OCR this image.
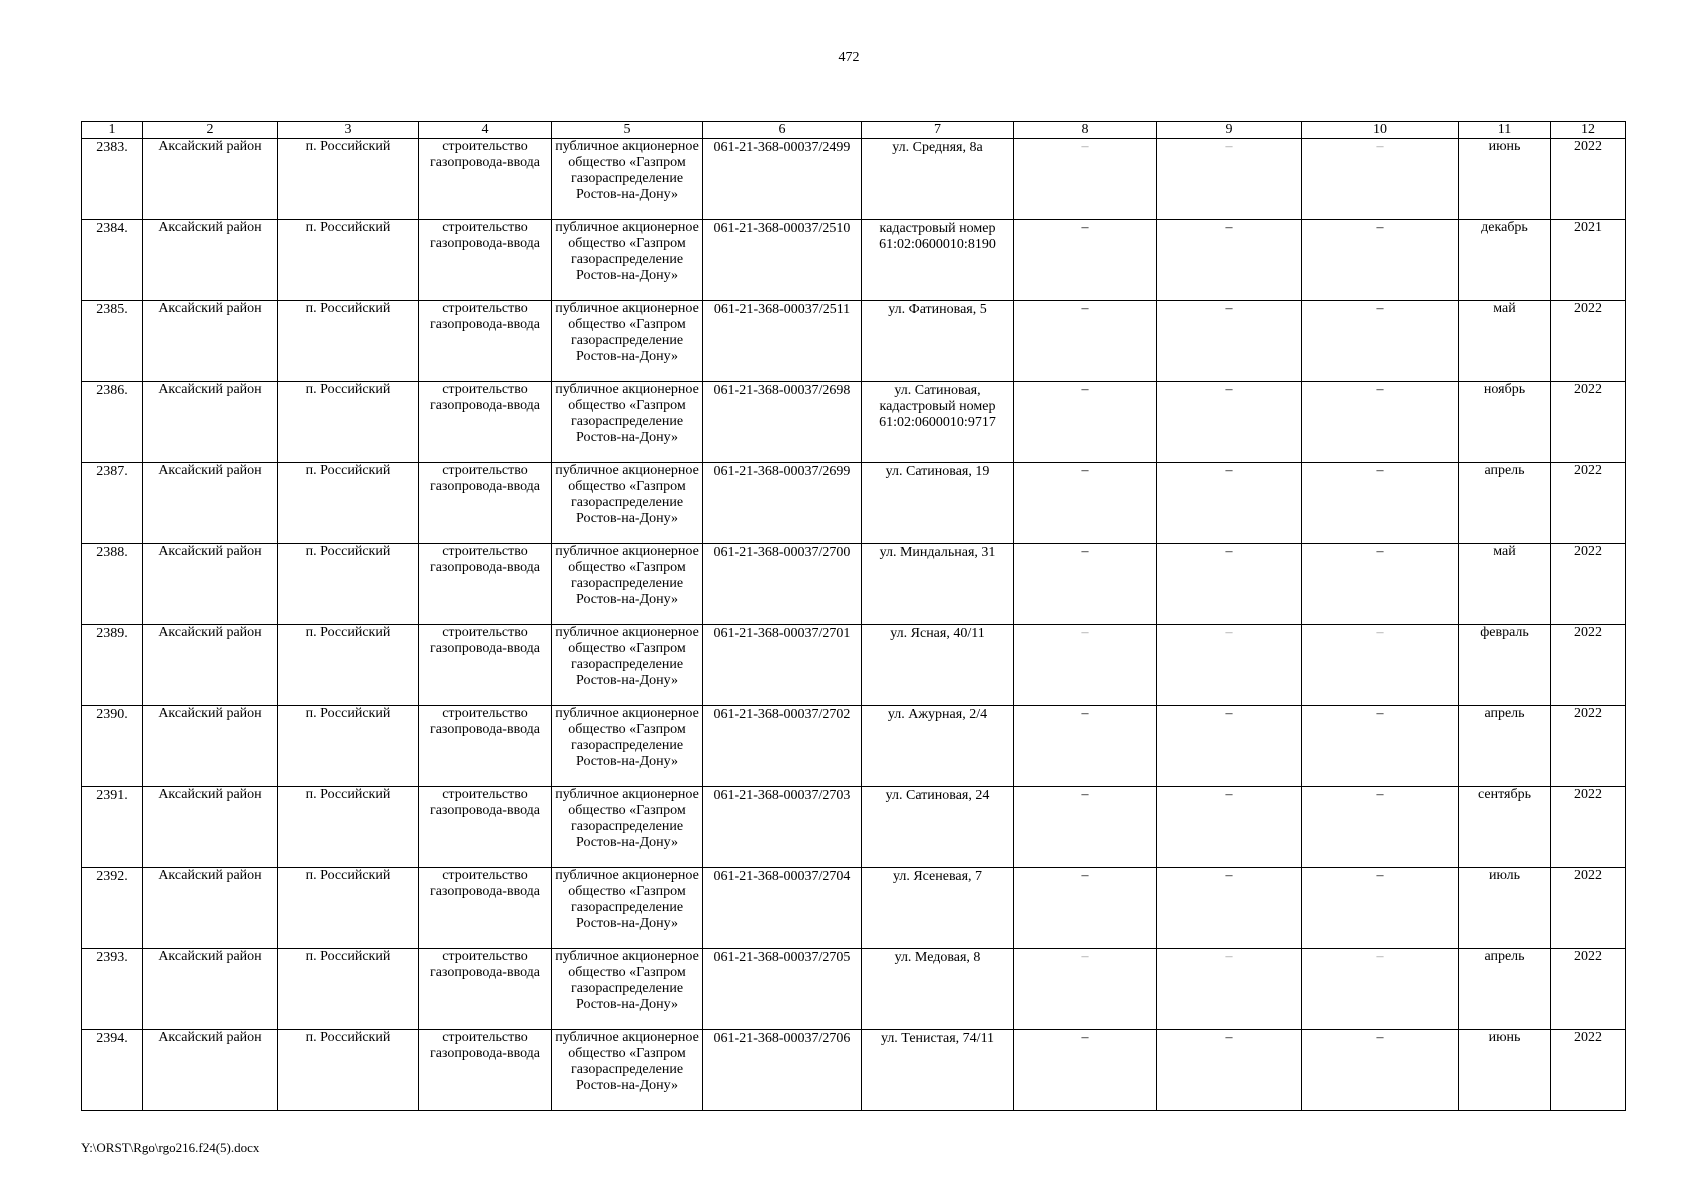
472
1	2	3	4	5	6	7	8	9	10	11	12
2383.	Аксайский район	п. Российский	строительство газопровода-ввода	публичное акционерное общество «Газпром газораспределение Ростов-на-Дону»	061-21-368-00037/2499	ул. Средняя, 8а	–	–	–	июнь	2022
2384.	Аксайский район	п. Российский	строительство газопровода-ввода	публичное акционерное общество «Газпром газораспределение Ростов-на-Дону»	061-21-368-00037/2510	кадастровый номер 61:02:0600010:8190	–	–	–	декабрь	2021
2385.	Аксайский район	п. Российский	строительство газопровода-ввода	публичное акционерное общество «Газпром газораспределение Ростов-на-Дону»	061-21-368-00037/2511	ул. Фатиновая, 5	–	–	–	май	2022
2386.	Аксайский район	п. Российский	строительство газопровода-ввода	публичное акционерное общество «Газпром газораспределение Ростов-на-Дону»	061-21-368-00037/2698	ул. Сатиновая, кадастровый номер 61:02:0600010:9717	–	–	–	ноябрь	2022
2387.	Аксайский район	п. Российский	строительство газопровода-ввода	публичное акционерное общество «Газпром газораспределение Ростов-на-Дону»	061-21-368-00037/2699	ул. Сатиновая, 19	–	–	–	апрель	2022
2388.	Аксайский район	п. Российский	строительство газопровода-ввода	публичное акционерное общество «Газпром газораспределение Ростов-на-Дону»	061-21-368-00037/2700	ул. Миндальная, 31	–	–	–	май	2022
2389.	Аксайский район	п. Российский	строительство газопровода-ввода	публичное акционерное общество «Газпром газораспределение Ростов-на-Дону»	061-21-368-00037/2701	ул. Ясная, 40/11	–	–	–	февраль	2022
2390.	Аксайский район	п. Российский	строительство газопровода-ввода	публичное акционерное общество «Газпром газораспределение Ростов-на-Дону»	061-21-368-00037/2702	ул. Ажурная, 2/4	–	–	–	апрель	2022
2391.	Аксайский район	п. Российский	строительство газопровода-ввода	публичное акционерное общество «Газпром газораспределение Ростов-на-Дону»	061-21-368-00037/2703	ул. Сатиновая, 24	–	–	–	сентябрь	2022
2392.	Аксайский район	п. Российский	строительство газопровода-ввода	публичное акционерное общество «Газпром газораспределение Ростов-на-Дону»	061-21-368-00037/2704	ул. Ясеневая, 7	–	–	–	июль	2022
2393.	Аксайский район	п. Российский	строительство газопровода-ввода	публичное акционерное общество «Газпром газораспределение Ростов-на-Дону»	061-21-368-00037/2705	ул. Медовая, 8	–	–	–	апрель	2022
2394.	Аксайский район	п. Российский	строительство газопровода-ввода	публичное акционерное общество «Газпром газораспределение Ростов-на-Дону»	061-21-368-00037/2706	ул. Тенистая, 74/11	–	–	–	июнь	2022
Y:\ORST\Rgo\rgo216.f24(5).docx
